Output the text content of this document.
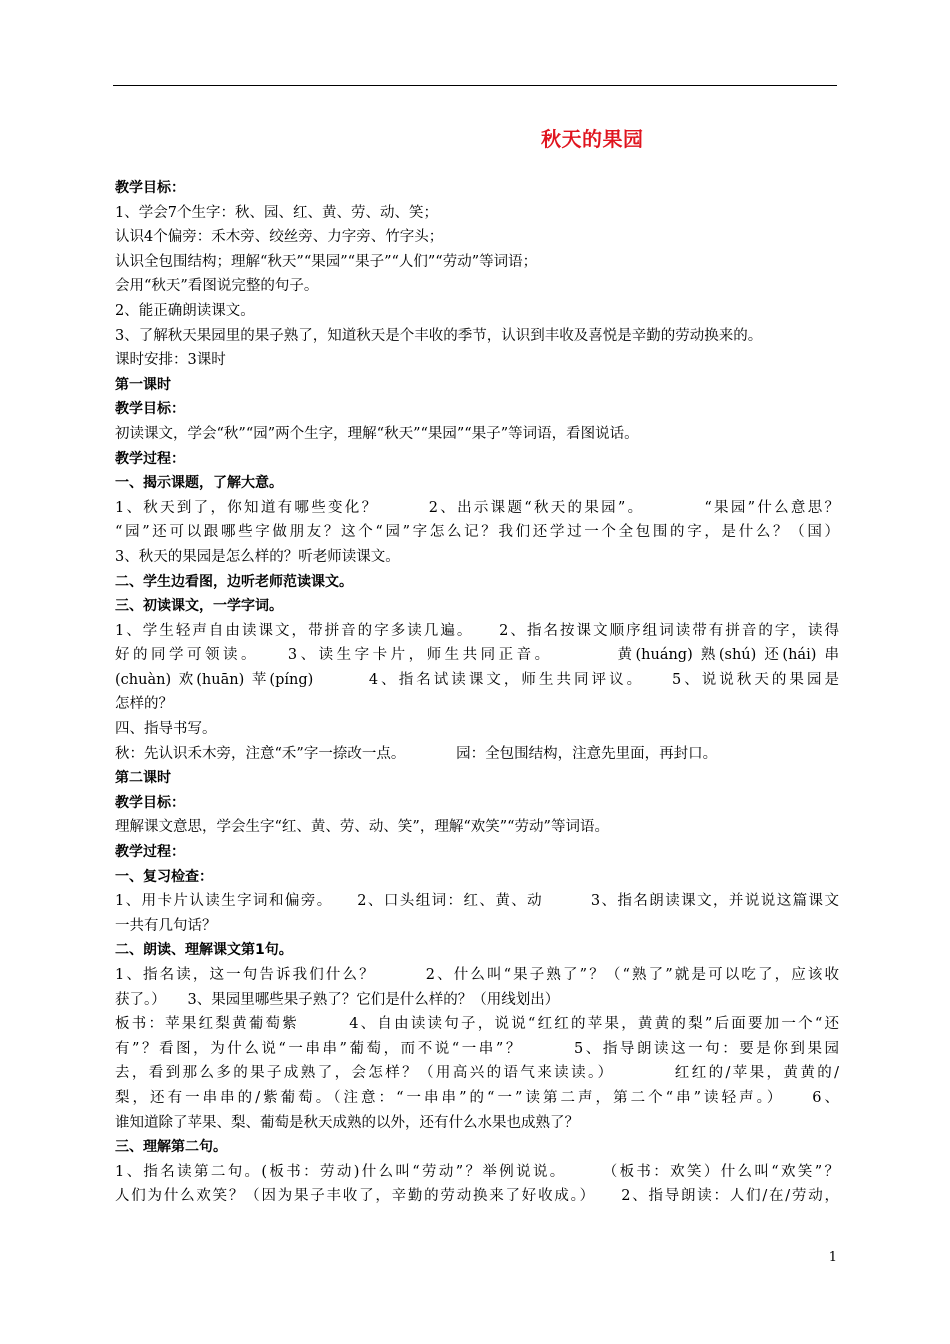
秋天的果园
教学目标：
1、学会7个生字：秋、园、红、黄、劳、动、笑；
认识4个偏旁：禾木旁、绞丝旁、力字旁、竹字头；
认识全包围结构；理解“秋天”“果园”“果子”“人们”“劳动”等词语；
会用“秋天”看图说完整的句子。
2、能正确朗读课文。
3、了解秋天果园里的果子熟了，知道秋天是个丰收的季节，认识到丰收及喜悦是辛勤的劳动换来的。
课时安排：3课时
第一课时
教学目标：
初读课文，学会“秋”“园”两个生字，理解“秋天”“果园”“果子”等词语，看图说话。
教学过程：
一、揭示课题，了解大意。
1、秋天到了，你知道有哪些变化？　　　2、出示课题“秋天的果园”。　　　　“果园”什么意思？
“园”还可以跟哪些字做朋友？这个“园”字怎么记？我们还学过一个全包围的字，是什么？（国）
3、秋天的果园是怎么样的？听老师读课文。
二、学生边看图，边听老师范读课文。
三、初读课文，一学字词。
1、学生轻声自由读课文，带拼音的字多读几遍。　　2、指名按课文顺序组词读带有拼音的字，读得
好的同学可领读。　　3、读生字卡片，师生共同正音。　　　　黄(huáng) 熟(shú) 还(hái) 串
(chuàn) 欢(huān) 苹(píng)　　　4、指名试读课文，师生共同评议。　　5、说说秋天的果园是
怎样的？
四、指导书写。
秋：先认识禾木旁，注意“禾”字一捺改一点。　　　　园：全包围结构，注意先里面，再封口。
第二课时
教学目标：
理解课文意思，学会生字“红、黄、劳、动、笑”，理解“欢笑”“劳动”等词语。
教学过程：
一、复习检查：
1、用卡片认读生字词和偏旁。　　2、口头组词：红、黄、动　　　3、指名朗读课文，并说说这篇课文
一共有几句话？
二、朗读、理解课文第1句。
1、指名读，这一句告诉我们什么？　　　2、什么叫“果子熟了”？（“熟了”就是可以吃了，应该收
获了。）　　3、果园里哪些果子熟了？它们是什么样的？（用线划出）
板书：苹果红梨黄葡萄紫　　　4、自由读读句子，说说“红红的苹果，黄黄的梨”后面要加一个“还
有”？看图，为什么说“一串串”葡萄，而不说“一串”？　　　5、指导朗读这一句：要是你到果园
去，看到那么多的果子成熟了，会怎样？（用高兴的语气来读读。）　　　　红红的/苹果，黄黄的/
梨，还有一串串的/紫葡萄。（注意：“一串串”的“一”读第二声，第二个“串”读轻声。）　　6、
谁知道除了苹果、梨、葡萄是秋天成熟的以外，还有什么水果也成熟了？
三、理解第二句。
1、指名读第二句。(板书：劳动)什么叫“劳动”？举例说说。　　　（板书：欢笑）什么叫“欢笑”？
人们为什么欢笑？（因为果子丰收了，辛勤的劳动换来了好收成。）　　2、指导朗读：人们/在/劳动，
1
